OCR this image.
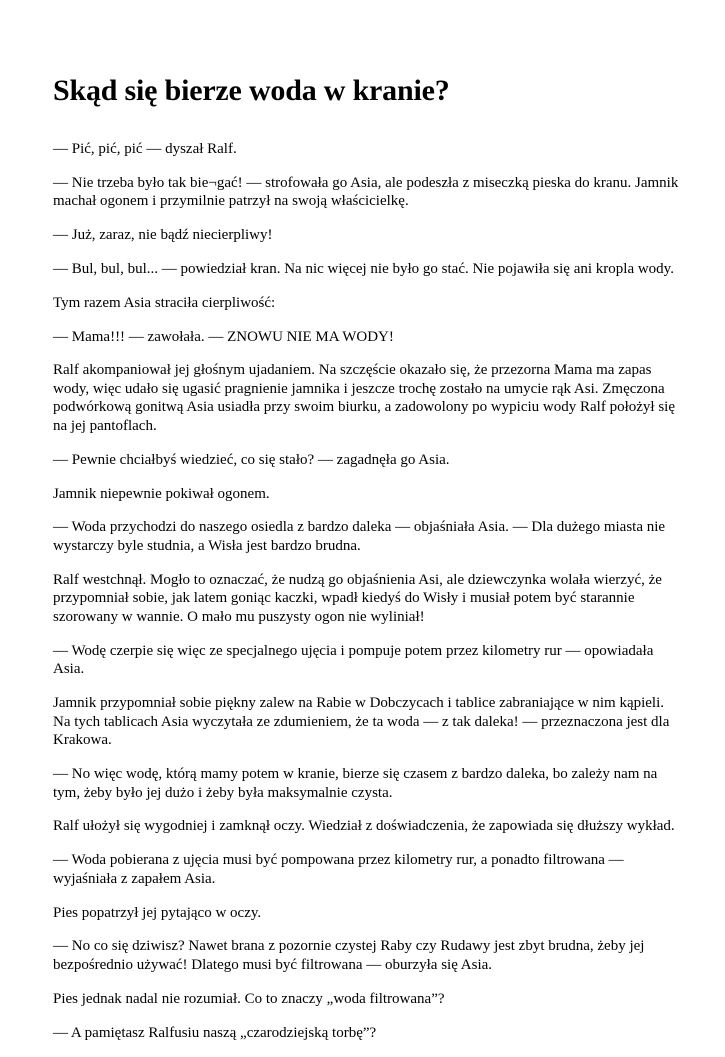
Skąd się bierze woda w kranie?

— Pić, pić, pić — dyszał Ralf.

— Nie trzeba było tak bie¬gać! — strofowała go Asia, ale podeszła z miseczką pieska do kranu. Jamnik machał ogonem i przymilnie patrzył na swoją właścicielkę.

— Już, zaraz, nie bądź niecierpliwy!

— Bul, bul, bul... — powiedział kran. Na nic więcej nie było go stać. Nie pojawiła się ani kropla wody.

Tym razem Asia straciła cierpliwość:

— Mama!!! — zawołała. — ZNOWU NIE MA WODY!

Ralf akompaniował jej głośnym ujadaniem. Na szczęście okazało się, że przezorna Mama ma zapas wody, więc udało się ugasić pragnienie jamnika i jeszcze trochę zostało na umycie rąk Asi. Zmęczona podwórkową gonitwą Asia usiadła przy swoim biurku, a zadowolony po wypiciu wody Ralf położył się na jej pantoflach.

— Pewnie chciałbyś wiedzieć, co się stało? — zagadnęła go Asia.

Jamnik niepewnie pokiwał ogonem.

— Woda przychodzi do naszego osiedla z bardzo daleka — objaśniała Asia. — Dla dużego miasta nie wystarczy byle studnia, a Wisła jest bardzo brudna.

Ralf westchnął. Mogło to oznaczać, że nudzą go objaśnienia Asi, ale dziewczynka wolała wierzyć, że przypomniał sobie, jak latem goniąc kaczki, wpadł kiedyś do Wisły i musiał potem być starannie szorowany w wannie. O mało mu puszysty ogon nie wyliniał!

— Wodę czerpie się więc ze specjalnego ujęcia i pompuje potem przez kilometry rur — opowiadała Asia.

Jamnik przypomniał sobie piękny zalew na Rabie w Dobczycach i tablice zabraniające w nim kąpieli. Na tych tablicach Asia wyczytała ze zdumieniem, że ta woda — z tak daleka! — przeznaczona jest dla Krakowa.

— No więc wodę, którą mamy potem w kranie, bierze się czasem z bardzo daleka, bo zależy nam na tym, żeby było jej dużo i żeby była maksymalnie czysta.

Ralf ułożył się wygodniej i zamknął oczy. Wiedział z doświadczenia, że zapowiada się dłuższy wykład.

— Woda pobierana z ujęcia musi być pompowana przez kilometry rur, a ponadto filtrowana — wyjaśniała z zapałem Asia.

Pies popatrzył jej pytająco w oczy.

— No co się dziwisz? Nawet brana z pozornie czystej Raby czy Rudawy jest zbyt brudna, żeby jej bezpośrednio używać! Dlatego musi być filtrowana — oburzyła się Asia.

Pies jednak nadal nie rozumiał. Co to znaczy „woda filtrowana”?

— A pamiętasz Ralfusiu naszą „czarodziejską torbę”?
